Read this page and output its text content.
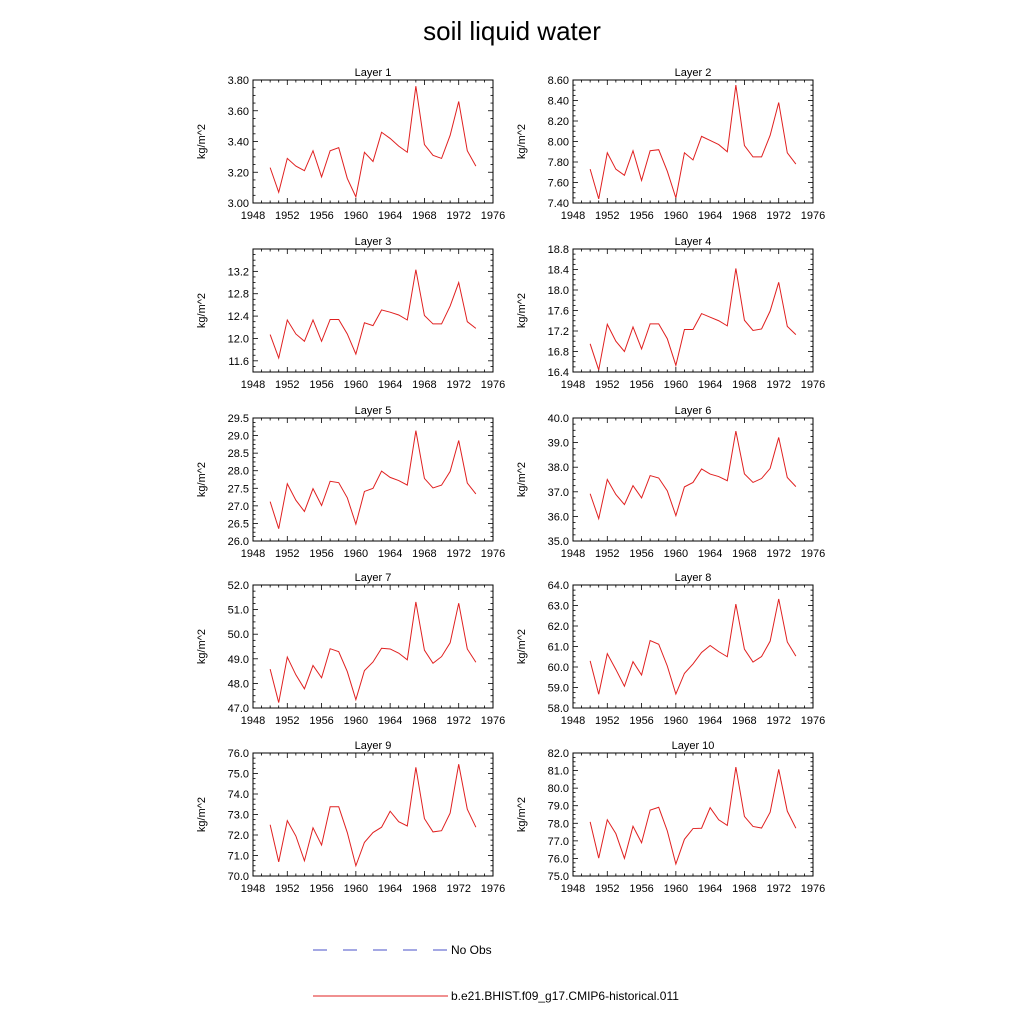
soil liquid water
Layer 1
kg/m^2
1948 1952 1956 1960 1964 1968 1972 1976
3.00
3.20
3.40
3.60
3.80
Layer 2
kg/m^2
1948 1952 1956 1960 1964 1968 1972 1976
7.40
7.60
7.80
8.00
8.20
8.40
8.60
Layer 3
kg/m^2
1948 1952 1956 1960 1964 1968 1972 1976
11.6
12.0
12.4
12.8
13.2
Layer 4
kg/m^2
1948 1952 1956 1960 1964 1968 1972 1976
16.4
16.8
17.2
17.6
18.0
18.4
18.8
Layer 5
kg/m^2
1948 1952 1956 1960 1964 1968 1972 1976
26.0
26.5
27.0
27.5
28.0
28.5
29.0
29.5
Layer 6
kg/m^2
1948 1952 1956 1960 1964 1968 1972 1976
35.0
36.0
37.0
38.0
39.0
40.0
Layer 7
kg/m^2
1948 1952 1956 1960 1964 1968 1972 1976
47.0
48.0
49.0
50.0
51.0
52.0
Layer 8
kg/m^2
1948 1952 1956 1960 1964 1968 1972 1976
58.0
59.0
60.0
61.0
62.0
63.0
64.0
Layer 9
kg/m^2
1948 1952 1956 1960 1964 1968 1972 1976
70.0
71.0
72.0
73.0
74.0
75.0
76.0
Layer 10
kg/m^2
1948 1952 1956 1960 1964 1968 1972 1976
75.0
76.0
77.0
78.0
79.0
80.0
81.0
82.0
No Obs
b.e21.BHIST.f09_g17.CMIP6-historical.011
